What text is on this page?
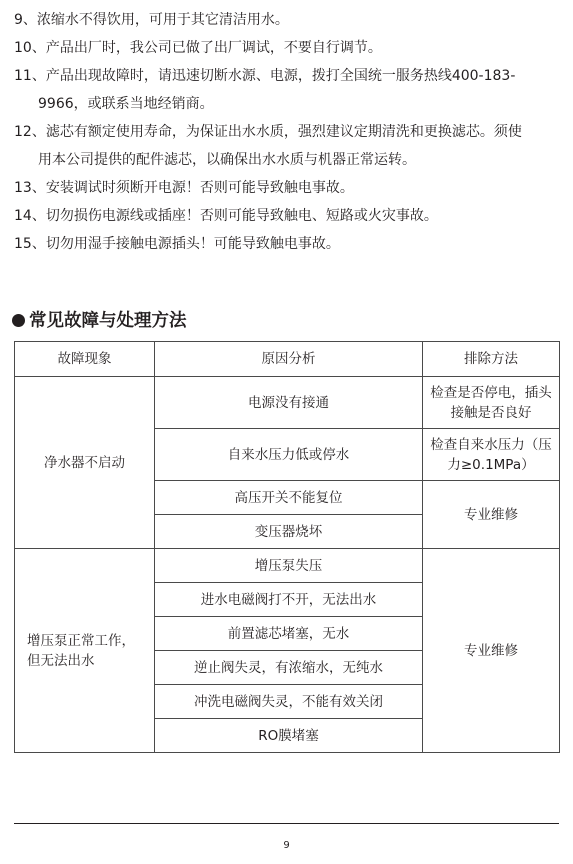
9、 浓缩水不得饮用，可用于其它清洁用水。
10、 产品出厂时，我公司已做了出厂调试，不要自行调节。
11、 产品出现故障时，请迅速切断水源、电源，拨打全国统一服务热线400-183-
9966，或联系当地经销商。
12、 滤芯有额定使用寿命，为保证出水水质，强烈建议定期清洗和更换滤芯。须使
用本公司提供的配件滤芯，以确保出水水质与机器正常运转。
13、 安装调试时须断开电源！否则可能导致触电事故。
14、 切勿损伤电源线或插座！否则可能导致触电、短路或火灾事故。
15、 切勿用湿手接触电源插头！可能导致触电事故。
常见故障与处理方法
故障现象	原因分析	排除方法
净水器不启动	电源没有接通	检查是否停电，插头接触是否良好
	自来水压力低或停水	检查自来水压力（压力≥0.1MPa）
	高压开关不能复位	专业维修
	变压器烧坏	
增压泵正常工作，但无法出水	增压泵失压	专业维修
	进水电磁阀打不开，无法出水	
	前置滤芯堵塞，无水	
	逆止阀失灵，有浓缩水，无纯水	
	冲洗电磁阀失灵，不能有效关闭	
	RO膜堵塞	
9
